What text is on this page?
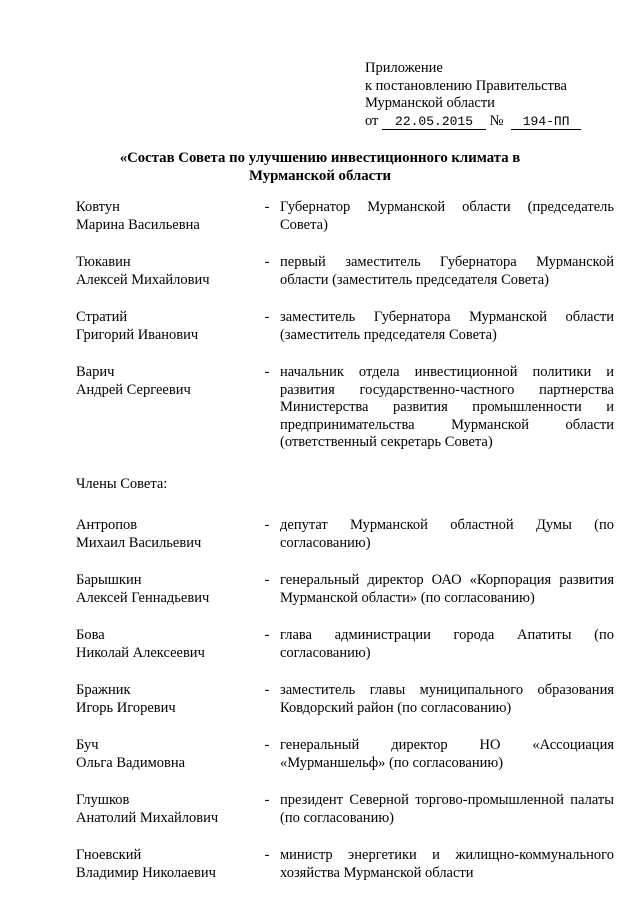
Приложение
к постановлению Правительства
Мурманской области
от 22.05.2015 № 194-ПП
«Состав Совета по улучшению инвестиционного климата в
Мурманской области
Ковтун
Марина Васильевна
- Губернатор Мурманской области (председатель Совета)
Тюкавин
Алексей Михайлович
- первый заместитель Губернатора Мурманской области (заместитель председателя Совета)
Стратий
Григорий Иванович
- заместитель Губернатора Мурманской области (заместитель председателя Совета)
Варич
Андрей Сергеевич
- начальник отдела инвестиционной политики и развития государственно-частного партнерства Министерства развития промышленности и предпринимательства Мурманской области (ответственный секретарь Совета)
Члены Совета:
Антропов
Михаил Васильевич
- депутат Мурманской областной Думы (по согласованию)
Барышкин
Алексей Геннадьевич
- генеральный директор ОАО «Корпорация развития Мурманской области» (по согласованию)
Бова
Николай Алексеевич
- глава администрации города Апатиты (по согласованию)
Бражник
Игорь Игоревич
- заместитель главы муниципального образования Ковдорский район (по согласованию)
Буч
Ольга Вадимовна
- генеральный директор НО «Ассоциация «Мурманшельф» (по согласованию)
Глушков
Анатолий Михайлович
- президент Северной торгово-промышленной палаты (по согласованию)
Гноевский
Владимир Николаевич
- министр энергетики и жилищно-коммунального хозяйства Мурманской области
